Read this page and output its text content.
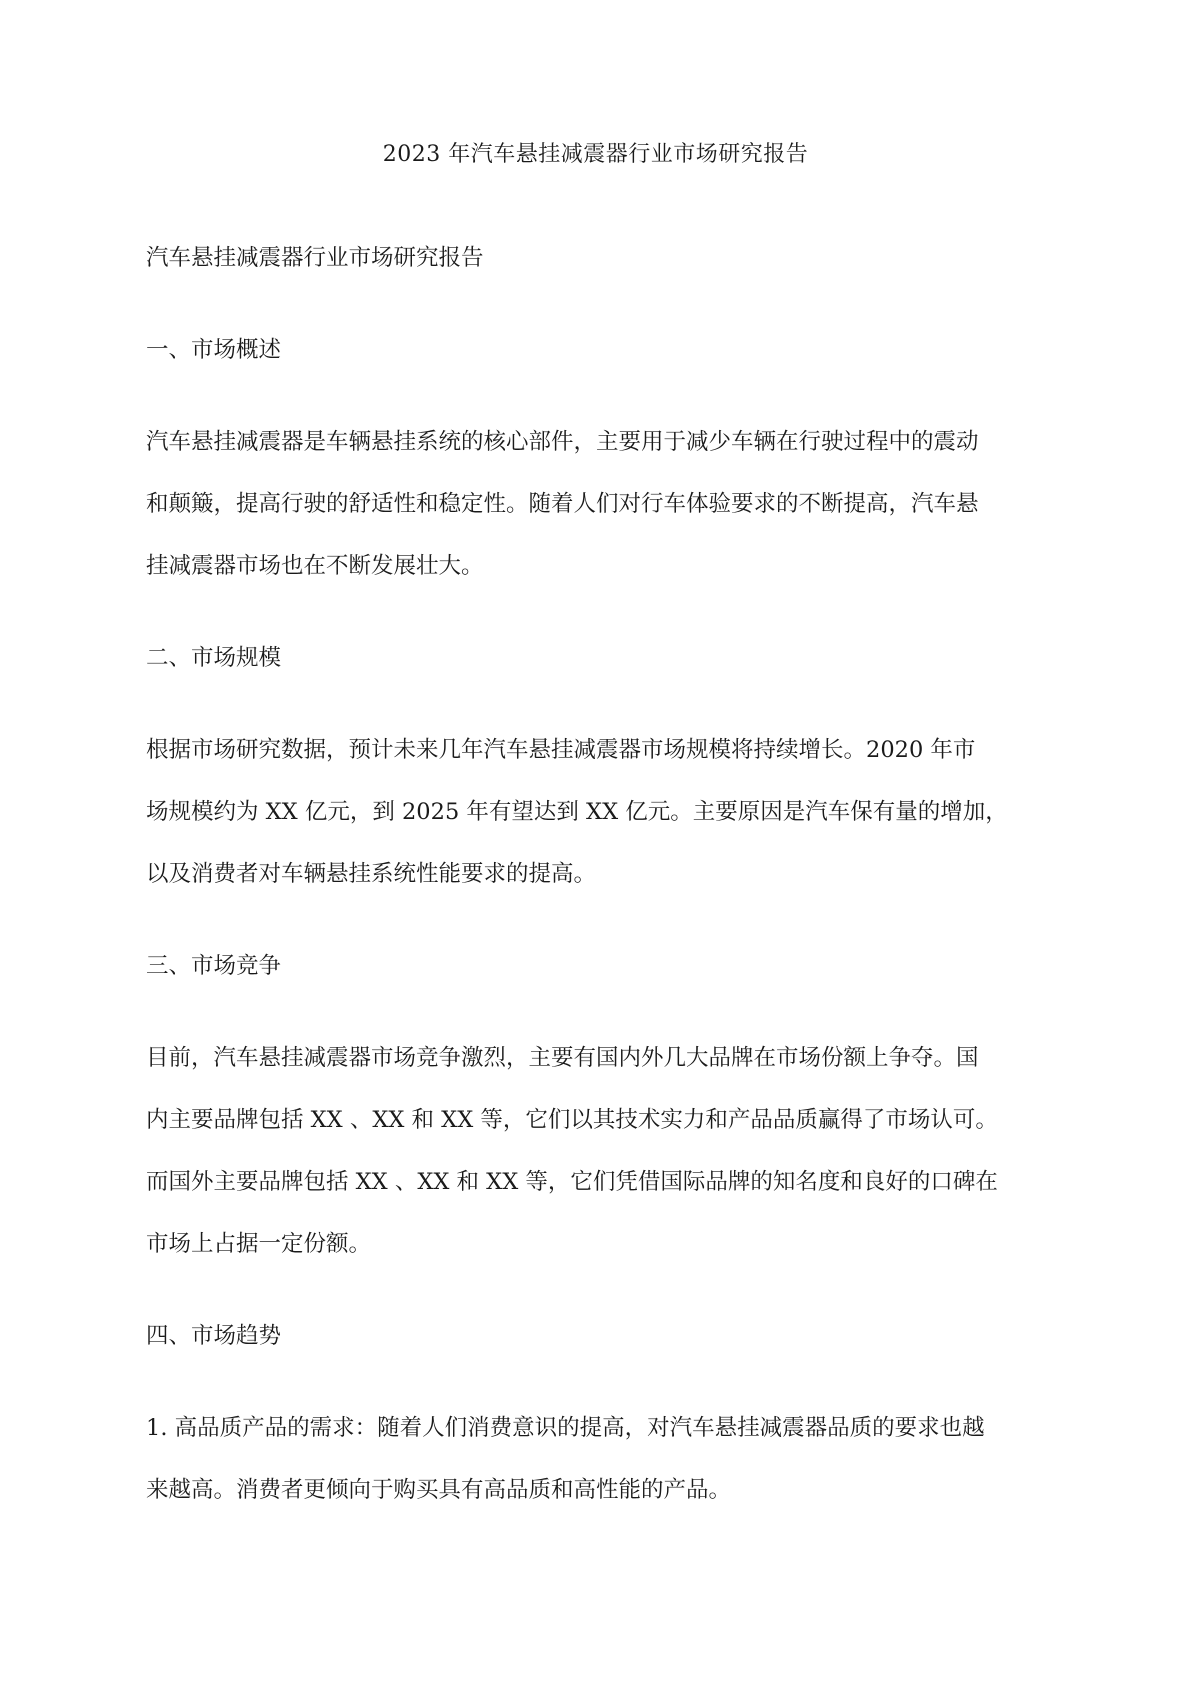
2023 年汽车悬挂减震器行业市场研究报告

汽车悬挂减震器行业市场研究报告

一、市场概述

汽车悬挂减震器是车辆悬挂系统的核心部件，主要用于减少车辆在行驶过程中的震动
和颠簸，提高行驶的舒适性和稳定性。随着人们对行车体验要求的不断提高，汽车悬
挂减震器市场也在不断发展壮大。

二、市场规模

根据市场研究数据，预计未来几年汽车悬挂减震器市场规模将持续增长。2020 年市
场规模约为 XX 亿元，到 2025 年有望达到 XX 亿元。主要原因是汽车保有量的增加，
以及消费者对车辆悬挂系统性能要求的提高。

三、市场竞争

目前，汽车悬挂减震器市场竞争激烈，主要有国内外几大品牌在市场份额上争夺。国
内主要品牌包括 XX 、XX 和 XX 等，它们以其技术实力和产品品质赢得了市场认可。
而国外主要品牌包括 XX 、XX 和 XX 等，它们凭借国际品牌的知名度和良好的口碑在
市场上占据一定份额。

四、市场趋势

1. 高品质产品的需求：随着人们消费意识的提高，对汽车悬挂减震器品质的要求也越
来越高。消费者更倾向于购买具有高品质和高性能的产品。
